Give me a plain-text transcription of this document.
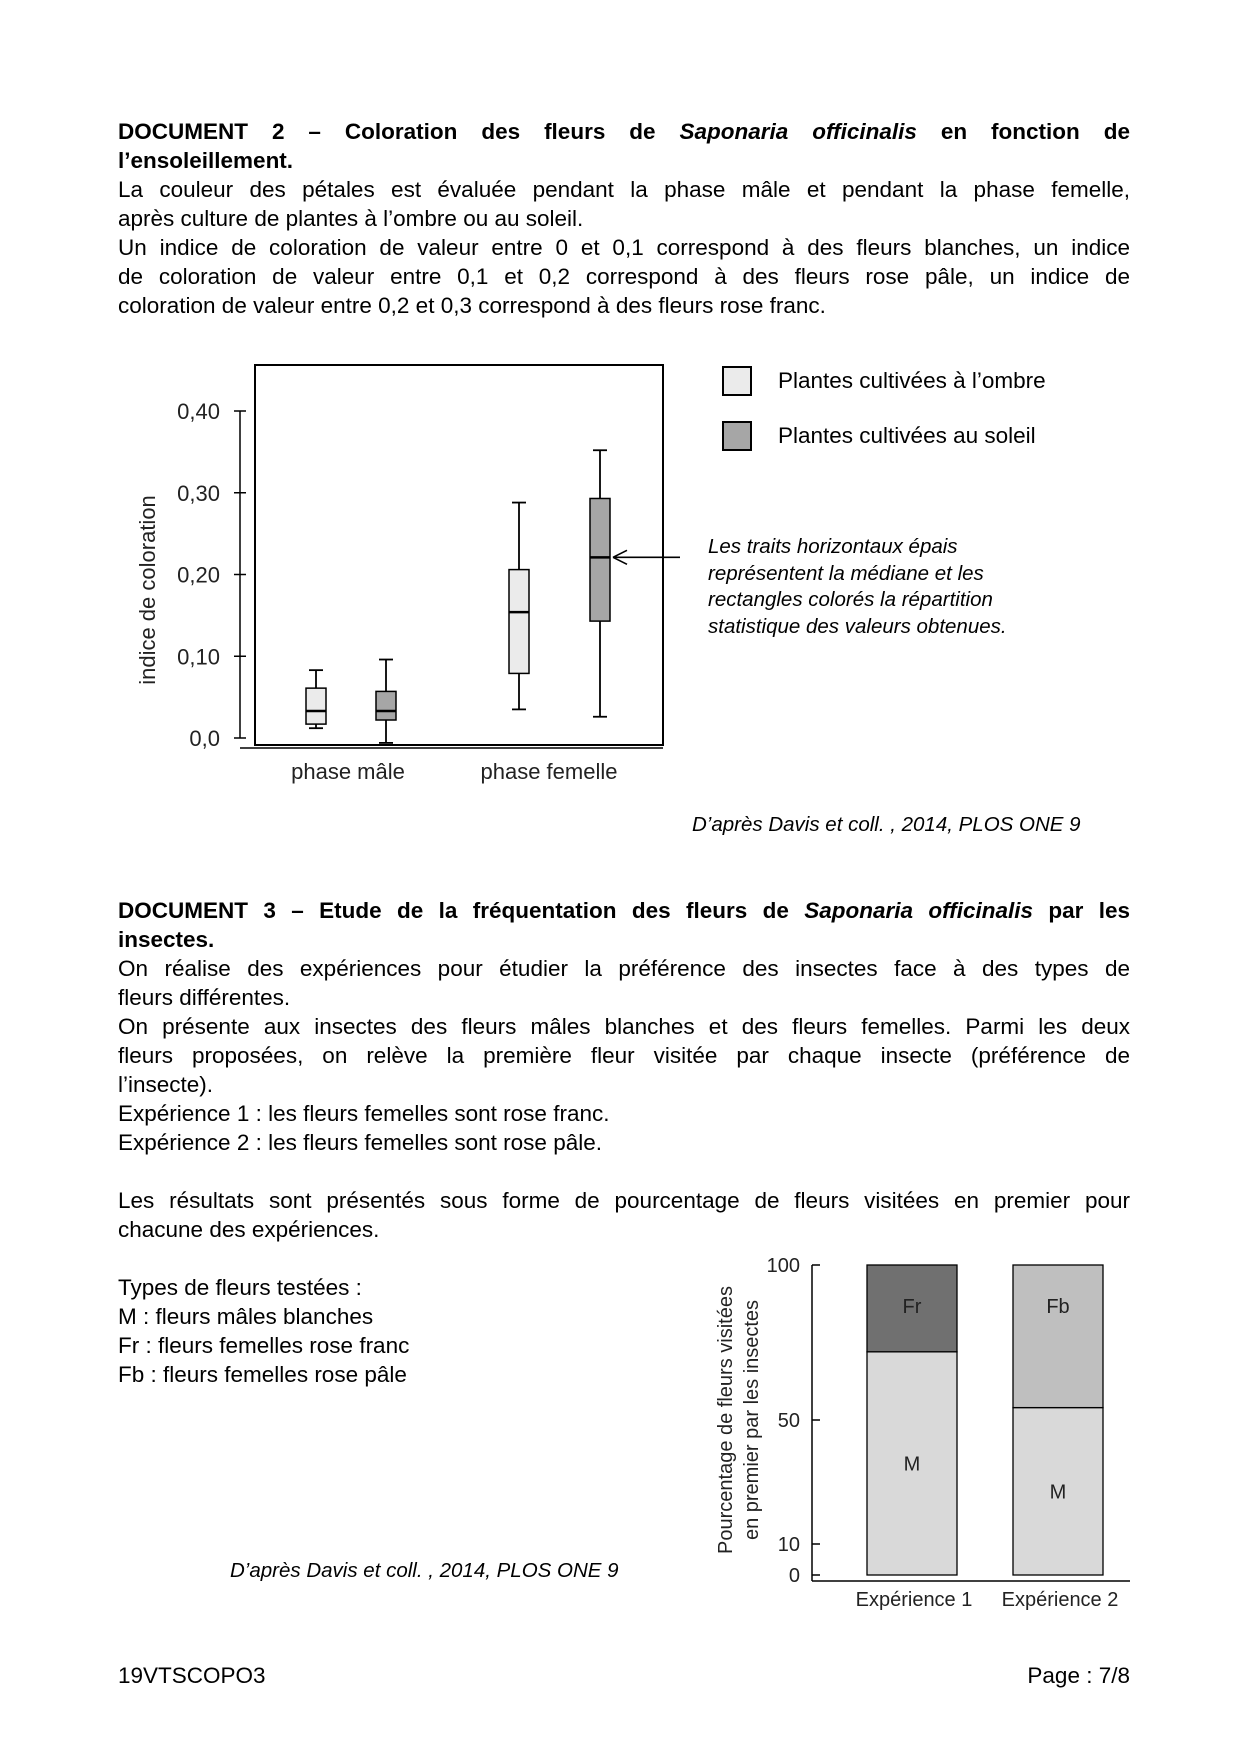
DOCUMENT 2 – Coloration des fleurs de Saponaria officinalis en fonction de
l’ensoleillement.
La couleur des pétales est évaluée pendant la phase mâle et pendant la phase femelle,
après culture de plantes à l’ombre ou au soleil.
Un indice de coloration de valeur entre 0 et 0,1 correspond à des fleurs blanches, un indice
de coloration de valeur entre 0,1 et 0,2 correspond à des fleurs rose pâle, un indice de
coloration de valeur entre 0,2 et 0,3 correspond à des fleurs rose franc.
0,0
0,10
0,20
0,30
0,40
indice de coloration
phase mâle	phase femelle
Plantes cultivées à l’ombre
Plantes cultivées au soleil
Les traits horizontaux épais représentent la médiane et les rectangles colorés la répartition statistique des valeurs obtenues.
D’après Davis et coll. , 2014, PLOS ONE 9
DOCUMENT 3 – Etude de la fréquentation des fleurs de Saponaria officinalis par les
insectes.
On réalise des expériences pour étudier la préférence des insectes face à des types de
fleurs différentes.
On présente aux insectes des fleurs mâles blanches et des fleurs femelles. Parmi les deux
fleurs proposées, on relève la première fleur visitée par chaque insecte (préférence de
l’insecte).
Expérience 1 : les fleurs femelles sont rose franc.
Expérience 2 : les fleurs femelles sont rose pâle.
Les résultats sont présentés sous forme de pourcentage de fleurs visitées en premier pour
chacune des expériences.
Types de fleurs testées :
M : fleurs mâles blanches
Fr : fleurs femelles rose franc
Fb : fleurs femelles rose pâle
D’après Davis et coll. , 2014, PLOS ONE 9	0
10
50
100
Pourcentage de fleurs visitées en premier par les insectes	M
Fr
Expérience 1
M
Fb
Expérience 2
19VTSCOPO3	Page : 7/8
